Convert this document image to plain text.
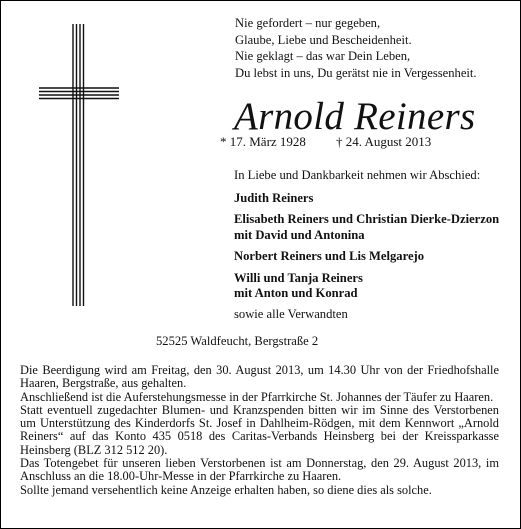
Nie gefordert – nur gegeben,
Glaube, Liebe und Bescheidenheit.
Nie geklagt – das war Dein Leben,
Du lebst in uns, Du gerätst nie in Vergessenheit.
Arnold Reiners
* 17. März 1928 † 24. August 2013
In Liebe und Dankbarkeit nehmen wir Abschied:
Judith Reiners
Elisabeth Reiners und Christian Dierke-Dzierzon
mit David und Antonina
Norbert Reiners und Lis Melgarejo
Willi und Tanja Reiners
mit Anton und Konrad
sowie alle Verwandten
52525 Waldfeucht, Bergstraße 2

Die Beerdigung wird am Freitag, den 30. August 2013, um 14.30 Uhr von der Friedhofshalle Haaren, Bergstraße, aus gehalten.

Anschließend ist die Auferstehungsmesse in der Pfarrkirche St. Johannes der Täufer zu Haaren.

Statt eventuell zugedachter Blumen- und Kranzspenden bitten wir im Sinne des Verstorbenen um Unterstützung des Kinderdorfs St. Josef in Dahlheim-Rödgen, mit dem Kennwort „Arnold Reiners“ auf das Konto 435 0518 des Caritas-Verbands Heinsberg bei der Kreissparkasse Heinsberg (BLZ 312 512 20).

Das Totengebet für unseren lieben Verstorbenen ist am Donnerstag, den 29. August 2013, im Anschluss an die 18.00-Uhr-Messe in der Pfarrkirche zu Haaren.

Sollte jemand versehentlich keine Anzeige erhalten haben, so diene dies als solche.
